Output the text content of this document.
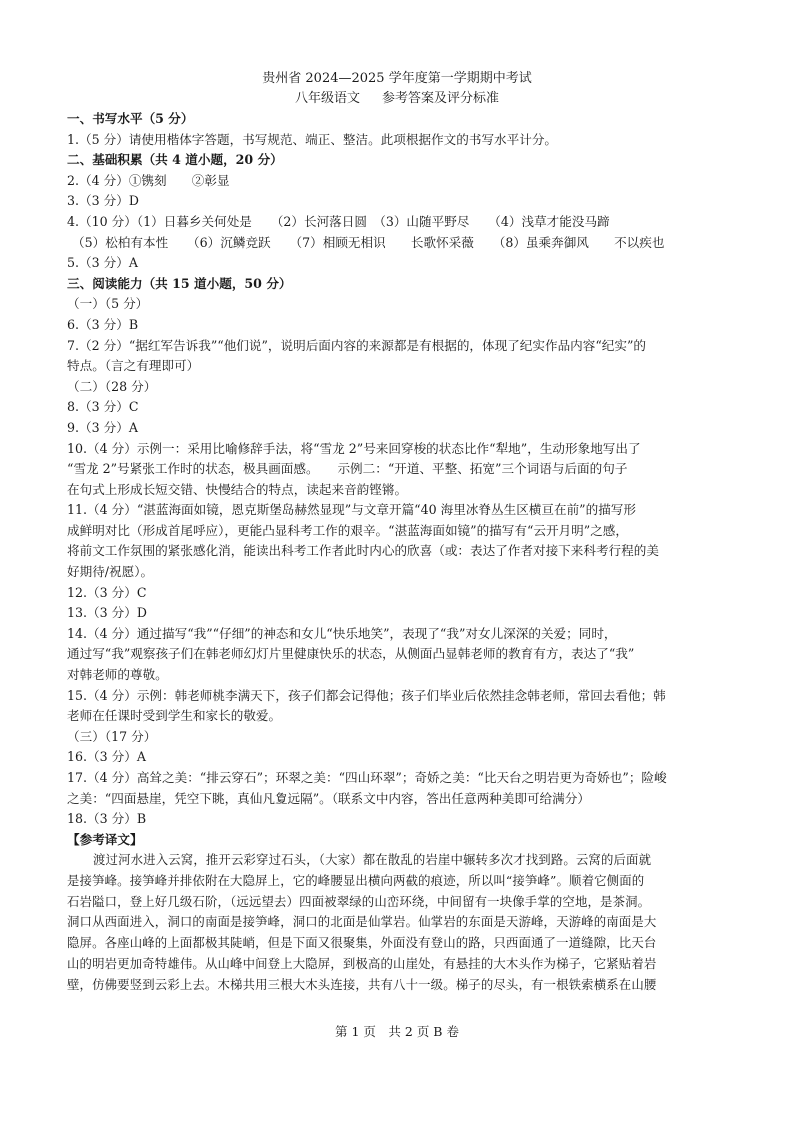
贵州省 2024—2025 学年度第一学期期中考试
八年级语文 参考答案及评分标准
一、书写水平（5 分）
1.（5 分）请使用楷体字答题，书写规范、端正、整洁。此项根据作文的书写水平计分。
二、基础积累（共 4 道小题，20 分）
2.（4 分）①镌刻　　②彰显
3.（3 分）D
4.（10 分）（1）日暮乡关何处是　　（2）长河落日圆　（3）山随平野尽　　（4）浅草才能没马蹄
（5）松柏有本性　　（6）沉鳞竞跃　　（7）相顾无相识　　长歌怀采薇　　（8）虽乘奔御风　　不以疾也
5.（3 分）A
三、阅读能力（共 15 道小题，50 分）
（一）（5 分）
6.（3 分）B
7.（2 分）“据红军告诉我”“他们说”，说明后面内容的来源都是有根据的，体现了纪实作品内容“纪实”的
特点。（言之有理即可）
（二）（28 分）
8.（3 分）C
9.（3 分）A
10.（4 分）示例一：采用比喻修辞手法，将“雪龙 2”号来回穿梭的状态比作“犁地”，生动形象地写出了
“雪龙 2”号紧张工作时的状态，极具画面感。　　示例二：“开道、平整、拓宽”三个词语与后面的句子
在句式上形成长短交错、快慢结合的特点，读起来音韵铿锵。
11.（4 分）“湛蓝海面如镜，恩克斯堡岛赫然显现”与文章开篇“40 海里冰脊丛生区横亘在前”的描写形
成鲜明对比（形成首尾呼应），更能凸显科考工作的艰辛。“湛蓝海面如镜”的描写有“云开月明”之感，
将前文工作氛围的紧张感化消，能读出科考工作者此时内心的欣喜（或：表达了作者对接下来科考行程的美
好期待/祝愿）。
12.（3 分）C
13.（3 分）D
14.（4 分）通过描写“我”“仔细”的神态和女儿“快乐地笑”，表现了“我”对女儿深深的关爱；同时，
通过写“我”观察孩子们在韩老师幻灯片里健康快乐的状态，从侧面凸显韩老师的教育有方，表达了“我”
对韩老师的尊敬。
15.（4 分）示例：韩老师桃李满天下，孩子们都会记得他；孩子们毕业后依然挂念韩老师，常回去看他；韩
老师在任课时受到学生和家长的敬爱。
（三）（17 分）
16.（3 分）A
17.（4 分）高耸之美：“排云穿石”；环翠之美：“四山环翠”；奇娇之美：“比天台之明岩更为奇娇也”；险峻
之美：“四面悬崖，凭空下眺，真仙凡夐远隔”。（联系文中内容，答出任意两种美即可给满分）
18.（3 分）B
【参考译文】
渡过河水进入云窝，推开云彩穿过石头，（大家）都在散乱的岩崖中辗转多次才找到路。云窝的后面就
是接笋峰。接笋峰并排依附在大隐屏上，它的峰腰显出横向两截的痕迹，所以叫“接笋峰”。顺着它侧面的
石岩隘口，登上好几级石阶，（远远望去）四面被翠绿的山峦环绕，中间留有一块像手掌的空地，是茶洞。
洞口从西面进入，洞口的南面是接笋峰，洞口的北面是仙掌岩。仙掌岩的东面是天游峰，天游峰的南面是大
隐屏。各座山峰的上面都极其陡峭，但是下面又很聚集，外面没有登山的路，只西面通了一道缝隙，比天台
山的明岩更加奇特雄伟。从山峰中间登上大隐屏，到极高的山崖处，有悬挂的大木头作为梯子，它紧贴着岩
壁，仿佛要竖到云彩上去。木梯共用三根大木头连接，共有八十一级。梯子的尽头，有一根铁索横系在山腰
第 1 页　共 2 页 B 卷
